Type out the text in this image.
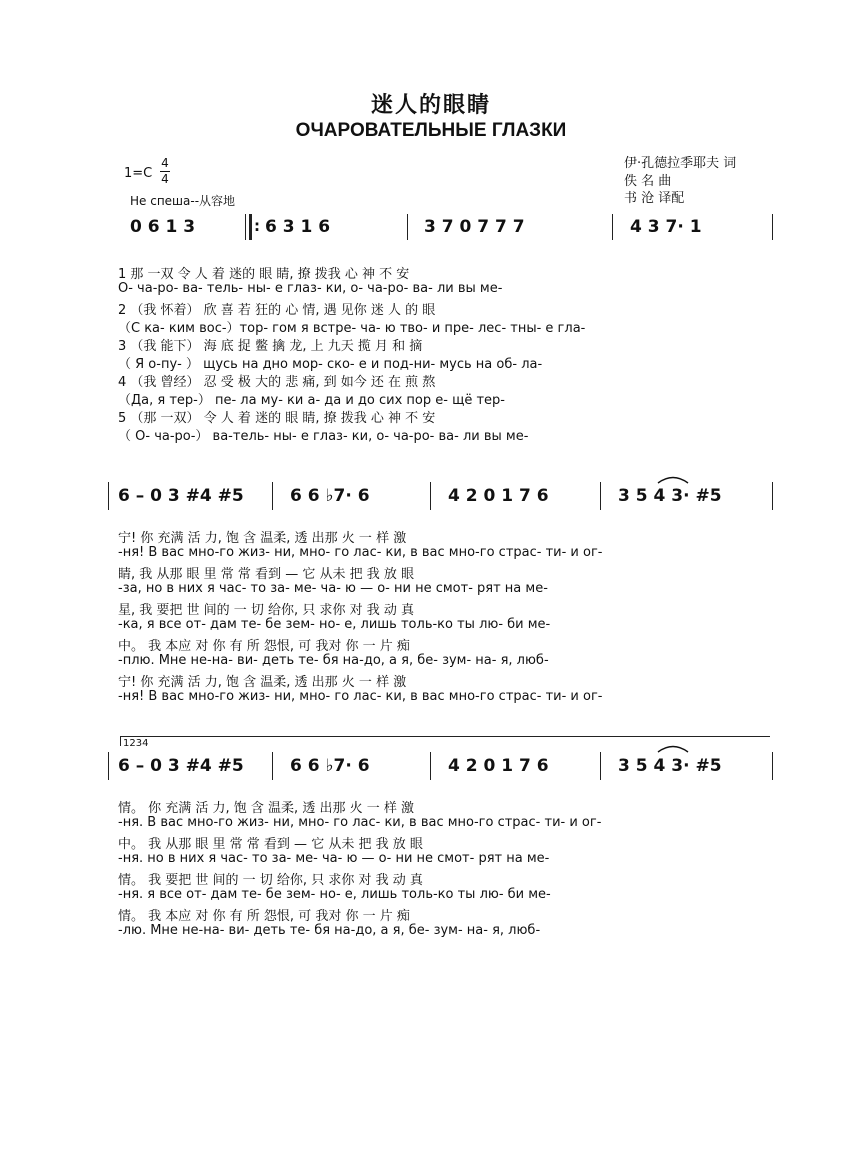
迷人的眼睛
ОЧАРОВАТЕЛЬНЫЕ ГЛАЗКИ
1=C
4
4
Не спеша--从容地
伊·孔德拉季耶夫 词
佚 名 曲
书 沧 译配
0 6 1 3	: 6 3 1 6	3 7 0 7 7 7	4 3 7· 1
1 那 一双 令 人 着 迷的 眼 睛, 撩 拨我 心 神 不 安
О- ча-ро- ва- тель- ны- е глаз- ки, о- ча-ро- ва- ли вы ме-
2 （我 怀着） 欣 喜 若 狂的 心 情, 遇 见你 迷 人 的 眼
（С ка- ким вос-）тор- гом я встре- ча- ю тво- и пре- лес- тны- е гла-
3 （我 能下） 海 底 捉 鳖 擒 龙, 上 九天 揽 月 和 摘
（ Я о-пу- ） щусь на дно мор- ско- е и под-ни- мусь на об- ла-
4 （我 曾经） 忍 受 极 大的 悲 痛, 到 如今 还 在 煎 熬
（Да, я тер-） пе- ла му- ки а- да и до сих пор е- щё тер-
5 （那 一双） 令 人 着 迷的 眼 睛, 撩 拨我 心 神 不 安
（ О- ча-ро-） ва-тель- ны- е глаз- ки, о- ча-ро- ва- ли вы ме-
6 – 0 3 #4 #5	6 6 ♭7· 6	4 2 0 1 7 6	3 5 4 3· #5
宁! 你 充满 活 力, 饱 含 温柔, 透 出那 火 一 样 激
-ня! В вас мно-го жиз- ни, мно- го лас- ки, в вас мно-го страс- ти- и ог-
睛, 我 从那 眼 里 常 常 看到 — 它 从未 把 我 放 眼
-за, но в них я час- то за- ме- ча- ю — о- ни не смот- рят на ме-
星, 我 要把 世 间的 一 切 给你, 只 求你 对 我 动 真
-ка, я все от- дам те- бе зем- но- е, лишь толь-ко ты лю- би ме-
中。 我 本应 对 你 有 所 怨恨, 可 我对 你 一 片 痴
-плю. Мне не-на- ви- деть те- бя на-до, а я, бе- зум- на- я, люб-
宁! 你 充满 活 力, 饱 含 温柔, 透 出那 火 一 样 激
-ня! В вас мно-го жиз- ни, мно- го лас- ки, в вас мно-го страс- ти- и ог-
1234
6 – 0 3 #4 #5	6 6 ♭7· 6	4 2 0 1 7 6	3 5 4 3· #5
情。 你 充满 活 力, 饱 含 温柔, 透 出那 火 一 样 激
-ня. В вас мно-го жиз- ни, мно- го лас- ки, в вас мно-го страс- ти- и ог-
中。 我 从那 眼 里 常 常 看到 — 它 从未 把 我 放 眼
-ня. но в них я час- то за- ме- ча- ю — о- ни не смот- рят на ме-
情。 我 要把 世 间的 一 切 给你, 只 求你 对 我 动 真
-ня. я все от- дам те- бе зем- но- е, лишь толь-ко ты лю- би ме-
情。 我 本应 对 你 有 所 怨恨, 可 我对 你 一 片 痴
-лю. Мне не-на- ви- деть те- бя на-до, а я, бе- зум- на- я, люб-
